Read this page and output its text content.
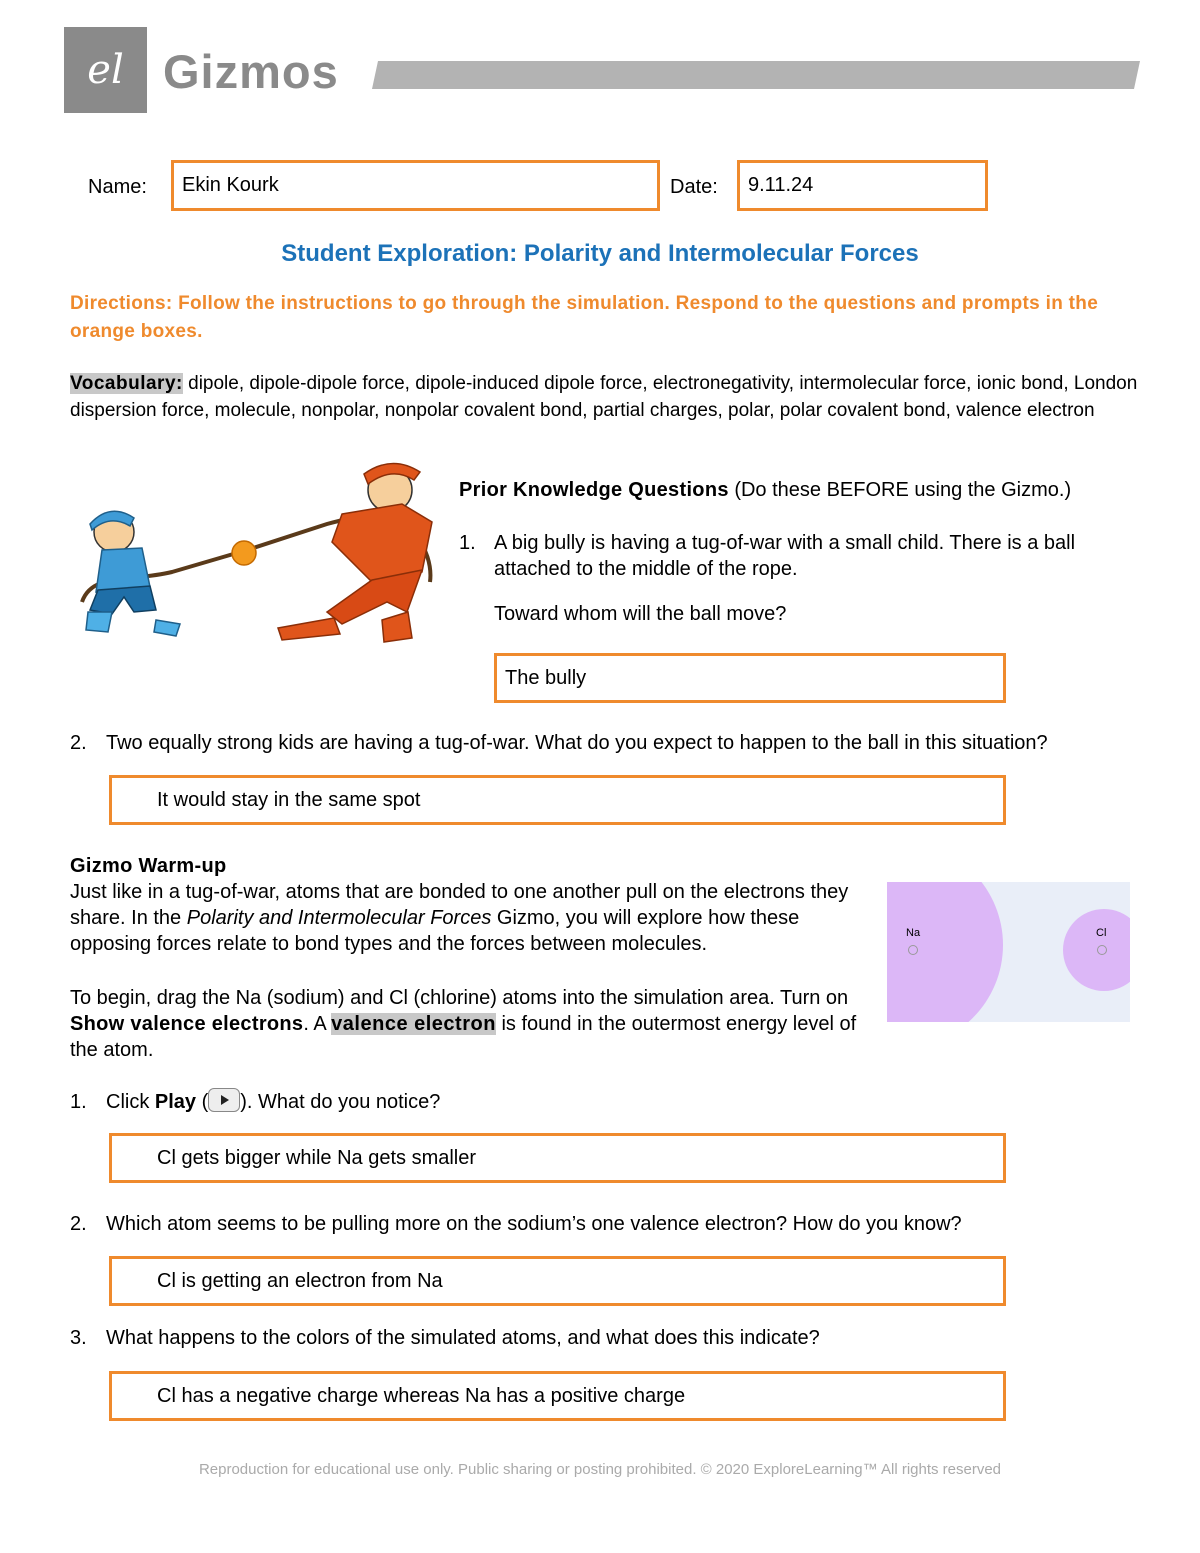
el Gizmos
Name: Ekin Kourk	Date: 9.11.24
Student Exploration: Polarity and Intermolecular Forces
Directions: Follow the instructions to go through the simulation. Respond to the questions and prompts in the orange boxes.
Vocabulary: dipole, dipole-dipole force, dipole-induced dipole force, electronegativity, intermolecular force, ionic bond, London dispersion force, molecule, nonpolar, nonpolar covalent bond, partial charges, polar, polar covalent bond, valence electron
Prior Knowledge Questions (Do these BEFORE using the Gizmo.)
1. A big bully is having a tug-of-war with a small child. There is a ball attached to the middle of the rope.
Toward whom will the ball move?
The bully
2. Two equally strong kids are having a tug-of-war. What do you expect to happen to the ball in this situation?
It would stay in the same spot
Gizmo Warm-up
Just like in a tug-of-war, atoms that are bonded to one another pull on the electrons they share. In the Polarity and Intermolecular Forces Gizmo, you will explore how these opposing forces relate to bond types and the forces between molecules.
To begin, drag the Na (sodium) and Cl (chlorine) atoms into the simulation area. Turn on Show valence electrons. A valence electron is found in the outermost energy level of the atom.
Na	Cl
1. Click Play ( ). What do you notice?
Cl gets bigger while Na gets smaller
2. Which atom seems to be pulling more on the sodium’s one valence electron? How do you know?
Cl is getting an electron from Na
3. What happens to the colors of the simulated atoms, and what does this indicate?
Cl has a negative charge whereas Na has a positive charge
Reproduction for educational use only. Public sharing or posting prohibited. © 2020 ExploreLearning™ All rights reserved
